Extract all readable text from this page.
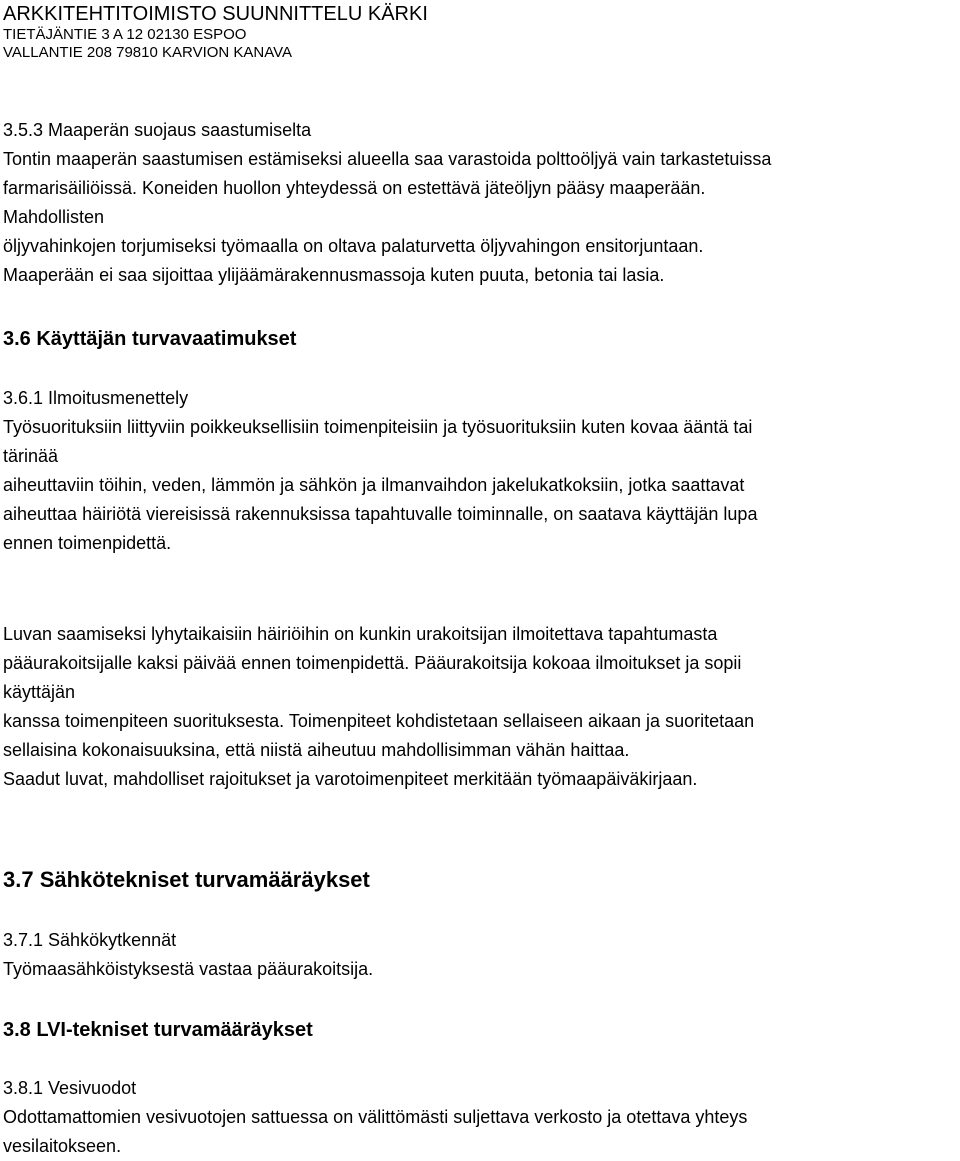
ARKKITEHTITOIMISTO SUUNNITTELU KÄRKI
TIETÄJÄNTIE 3 A 12 02130 ESPOO
VALLANTIE 208 79810 KARVION KANAVA
3.5.3 Maaperän suojaus saastumiselta
Tontin maaperän saastumisen estämiseksi alueella saa varastoida polttoöljyä vain tarkastetuissa
farmarisäiliöissä. Koneiden huollon yhteydessä on estettävä jäteöljyn pääsy maaperään.
Mahdollisten
öljyvahinkojen torjumiseksi työmaalla on oltava palaturvetta öljyvahingon ensitorjuntaan.
Maaperään ei saa sijoittaa ylijäämärakennusmassoja kuten puuta, betonia tai lasia.
3.6 Käyttäjän turvavaatimukset
3.6.1 Ilmoitusmenettely
Työsuorituksiin liittyviin poikkeuksellisiin toimenpiteisiin ja työsuorituksiin kuten kovaa ääntä tai
tärinää
aiheuttaviin töihin, veden, lämmön ja sähkön ja ilmanvaihdon jakelukatkoksiin, jotka saattavat
aiheuttaa häiriötä viereisissä rakennuksissa tapahtuvalle toiminnalle, on saatava käyttäjän lupa
ennen toimenpidettä.
Luvan saamiseksi lyhytaikaisiin häiriöihin on kunkin urakoitsijan ilmoitettava tapahtumasta
pääurakoitsijalle kaksi päivää ennen toimenpidettä. Pääurakoitsija kokoaa ilmoitukset ja sopii
käyttäjän
kanssa toimenpiteen suorituksesta. Toimenpiteet kohdistetaan sellaiseen aikaan ja suoritetaan
sellaisina kokonaisuuksina, että niistä aiheutuu mahdollisimman vähän haittaa.
Saadut luvat, mahdolliset rajoitukset ja varotoimenpiteet merkitään työmaapäiväkirjaan.
3.7 Sähkötekniset turvamääräykset
3.7.1 Sähkökytkennät
Työmaasähköistyksestä vastaa pääurakoitsija.
3.8 LVI-tekniset turvamääräykset
3.8.1 Vesivuodot
Odottamattomien vesivuotojen sattuessa on välittömästi suljettava verkosto ja otettava yhteys
vesilaitokseen.
